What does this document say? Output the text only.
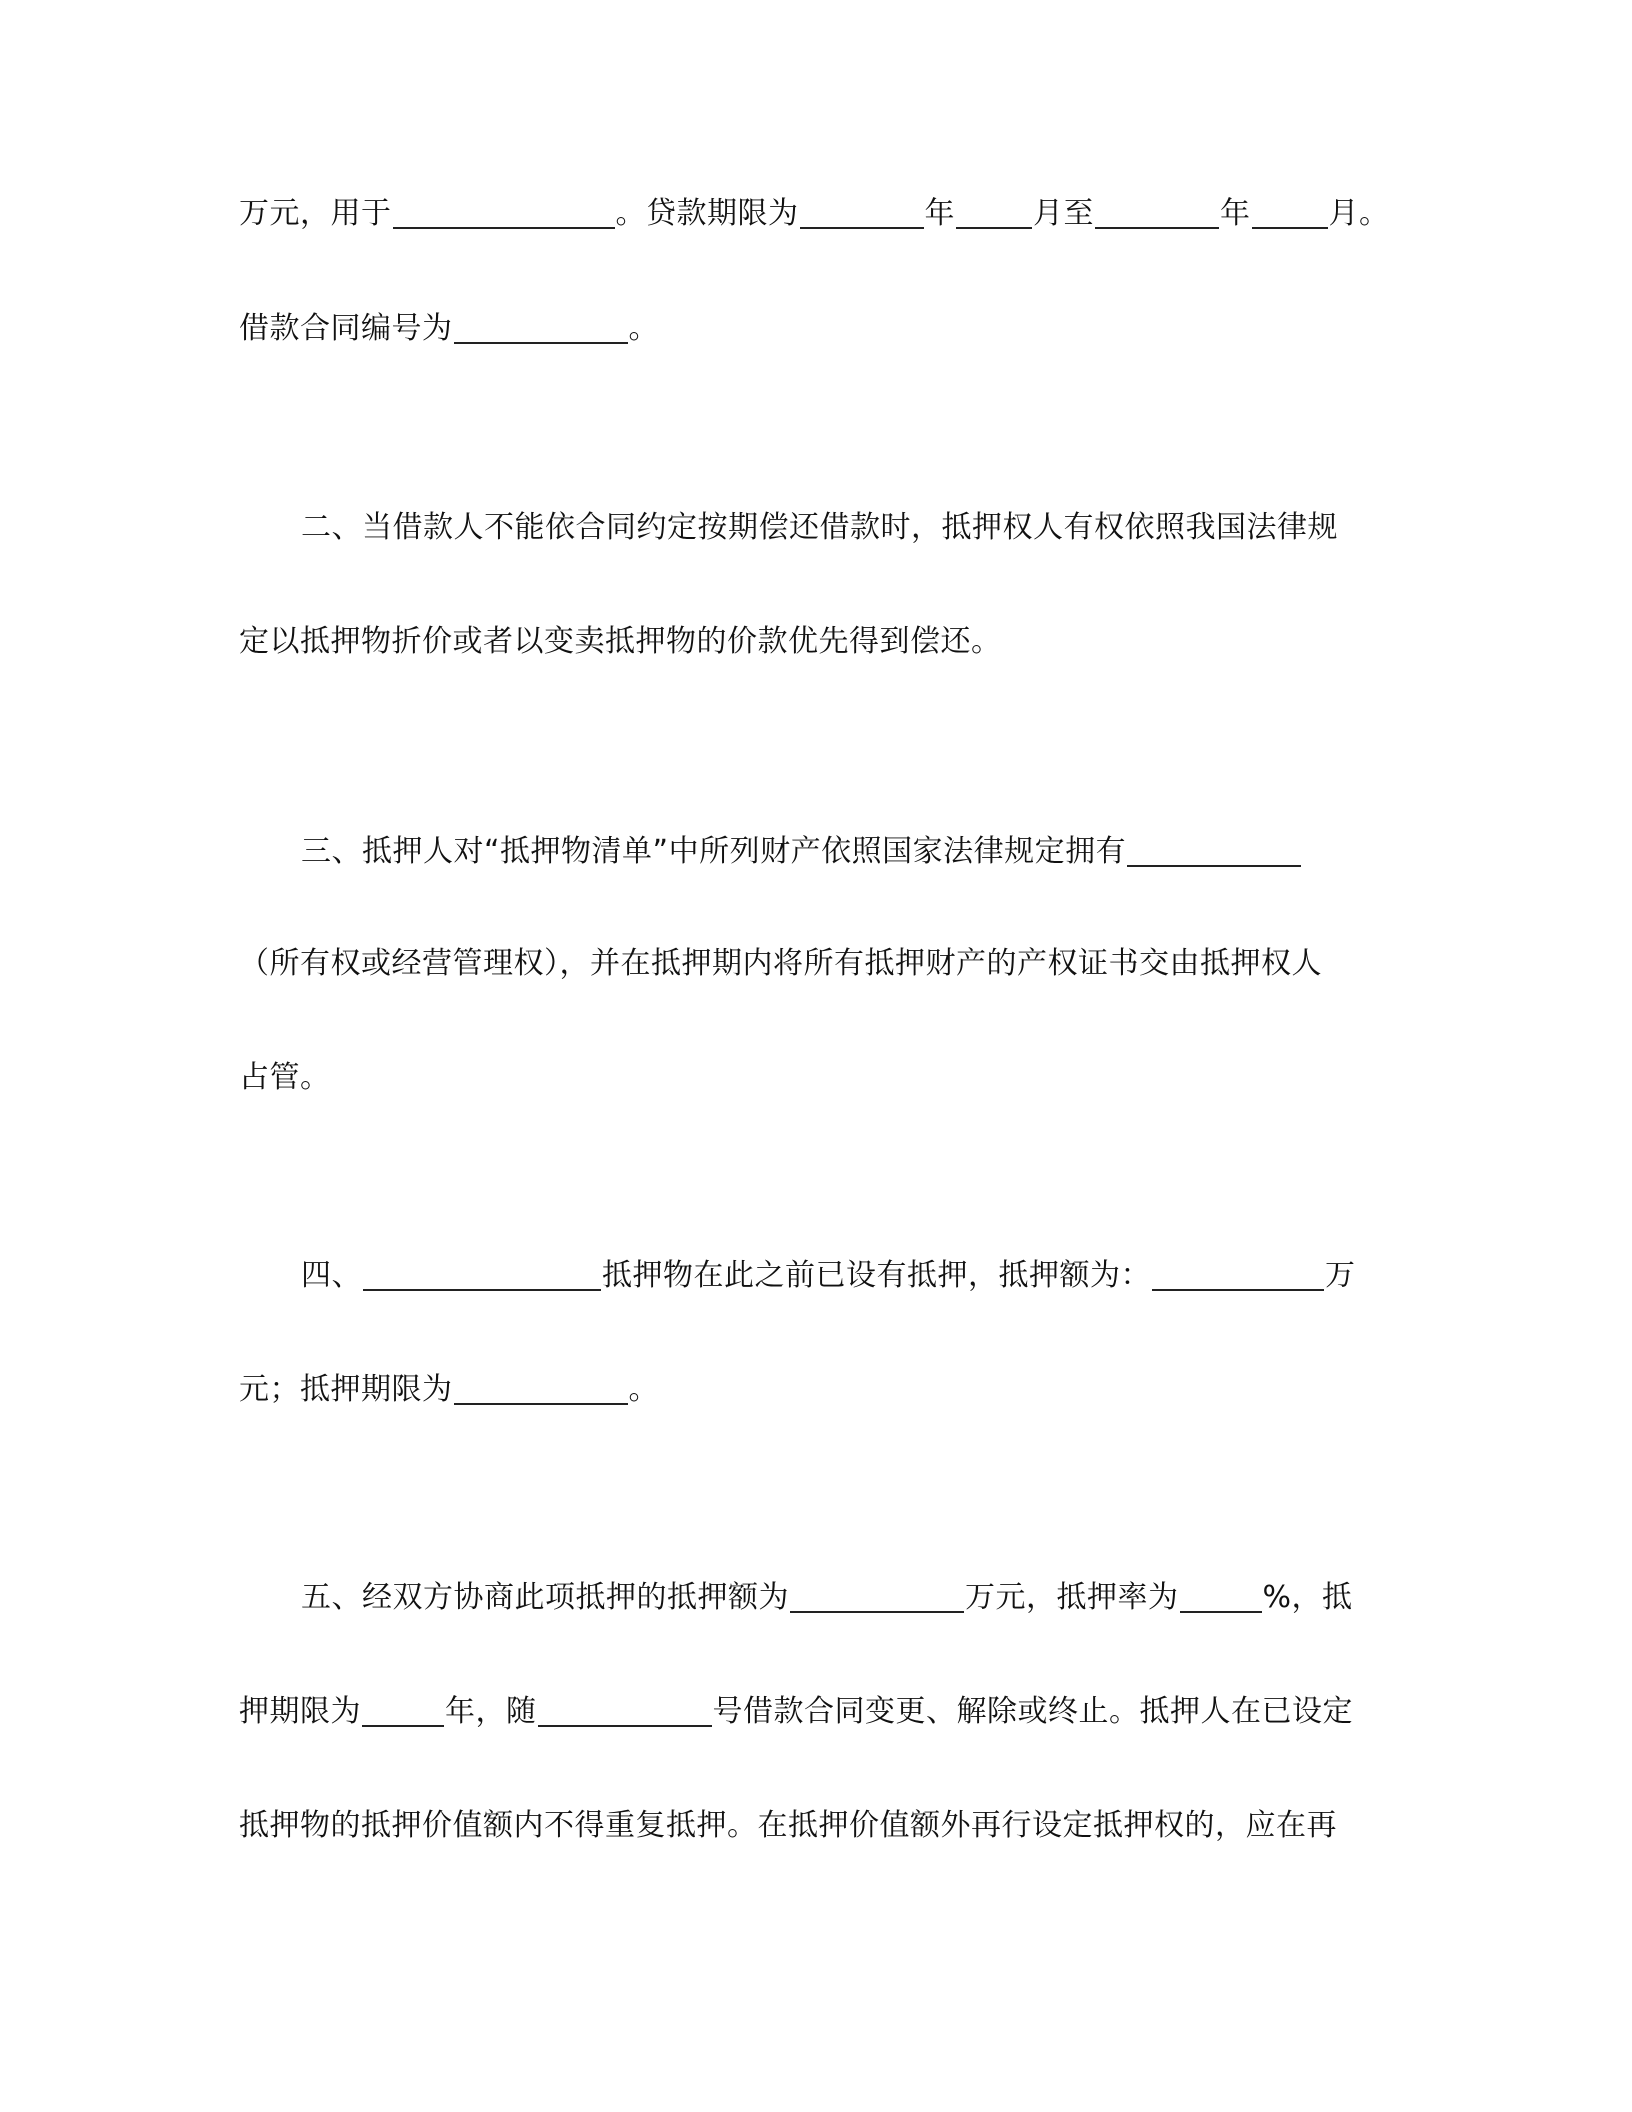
万元，用于	。贷款期限为	年	月至	年	月。
借款合同编号为	。
二、当借款人不能依合同约定按期偿还借款时，抵押权人有权依照我国法律规
定以抵押物折价或者以变卖抵押物的价款优先得到偿还。
三、抵押人对“抵押物清单”中所列财产依照国家法律规定拥有
（所有权或经营管理权），并在抵押期内将所有抵押财产的产权证书交由抵押权人
占管。
四、	抵押物在此之前已设有抵押，抵押额为：	万
元；抵押期限为	。
五、经双方协商此项抵押的抵押额为	万元，抵押率为	%，抵
押期限为	年，随	号借款合同变更、解除或终止。抵押人在已设定
抵押物的抵押价值额内不得重复抵押。在抵押价值额外再行设定抵押权的，应在再
